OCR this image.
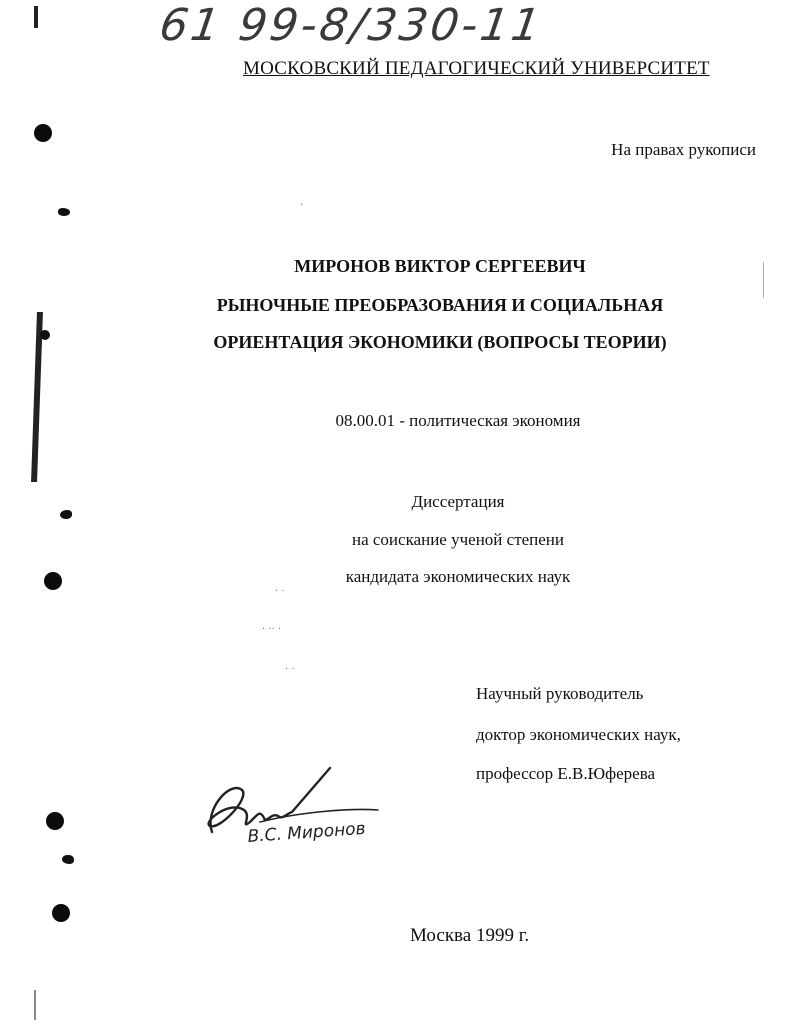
·
· ·
· ·· ·
· ·
61 99-8/330-11
МОСКОВСКИЙ ПЕДАГОГИЧЕСКИЙ УНИВЕРСИТЕТ
На правах рукописи
МИРОНОВ ВИКТОР СЕРГЕЕВИЧ
РЫНОЧНЫЕ ПРЕОБРАЗОВАНИЯ И СОЦИАЛЬНАЯ
ОРИЕНТАЦИЯ ЭКОНОМИКИ (ВОПРОСЫ ТЕОРИИ)
08.00.01 - политическая экономия
Диссертация
на соискание ученой степени
кандидата экономических наук
Научный руководитель
доктор экономических наук,
профессор Е.В.Юферева
В.С. Миронов
Москва 1999 г.
